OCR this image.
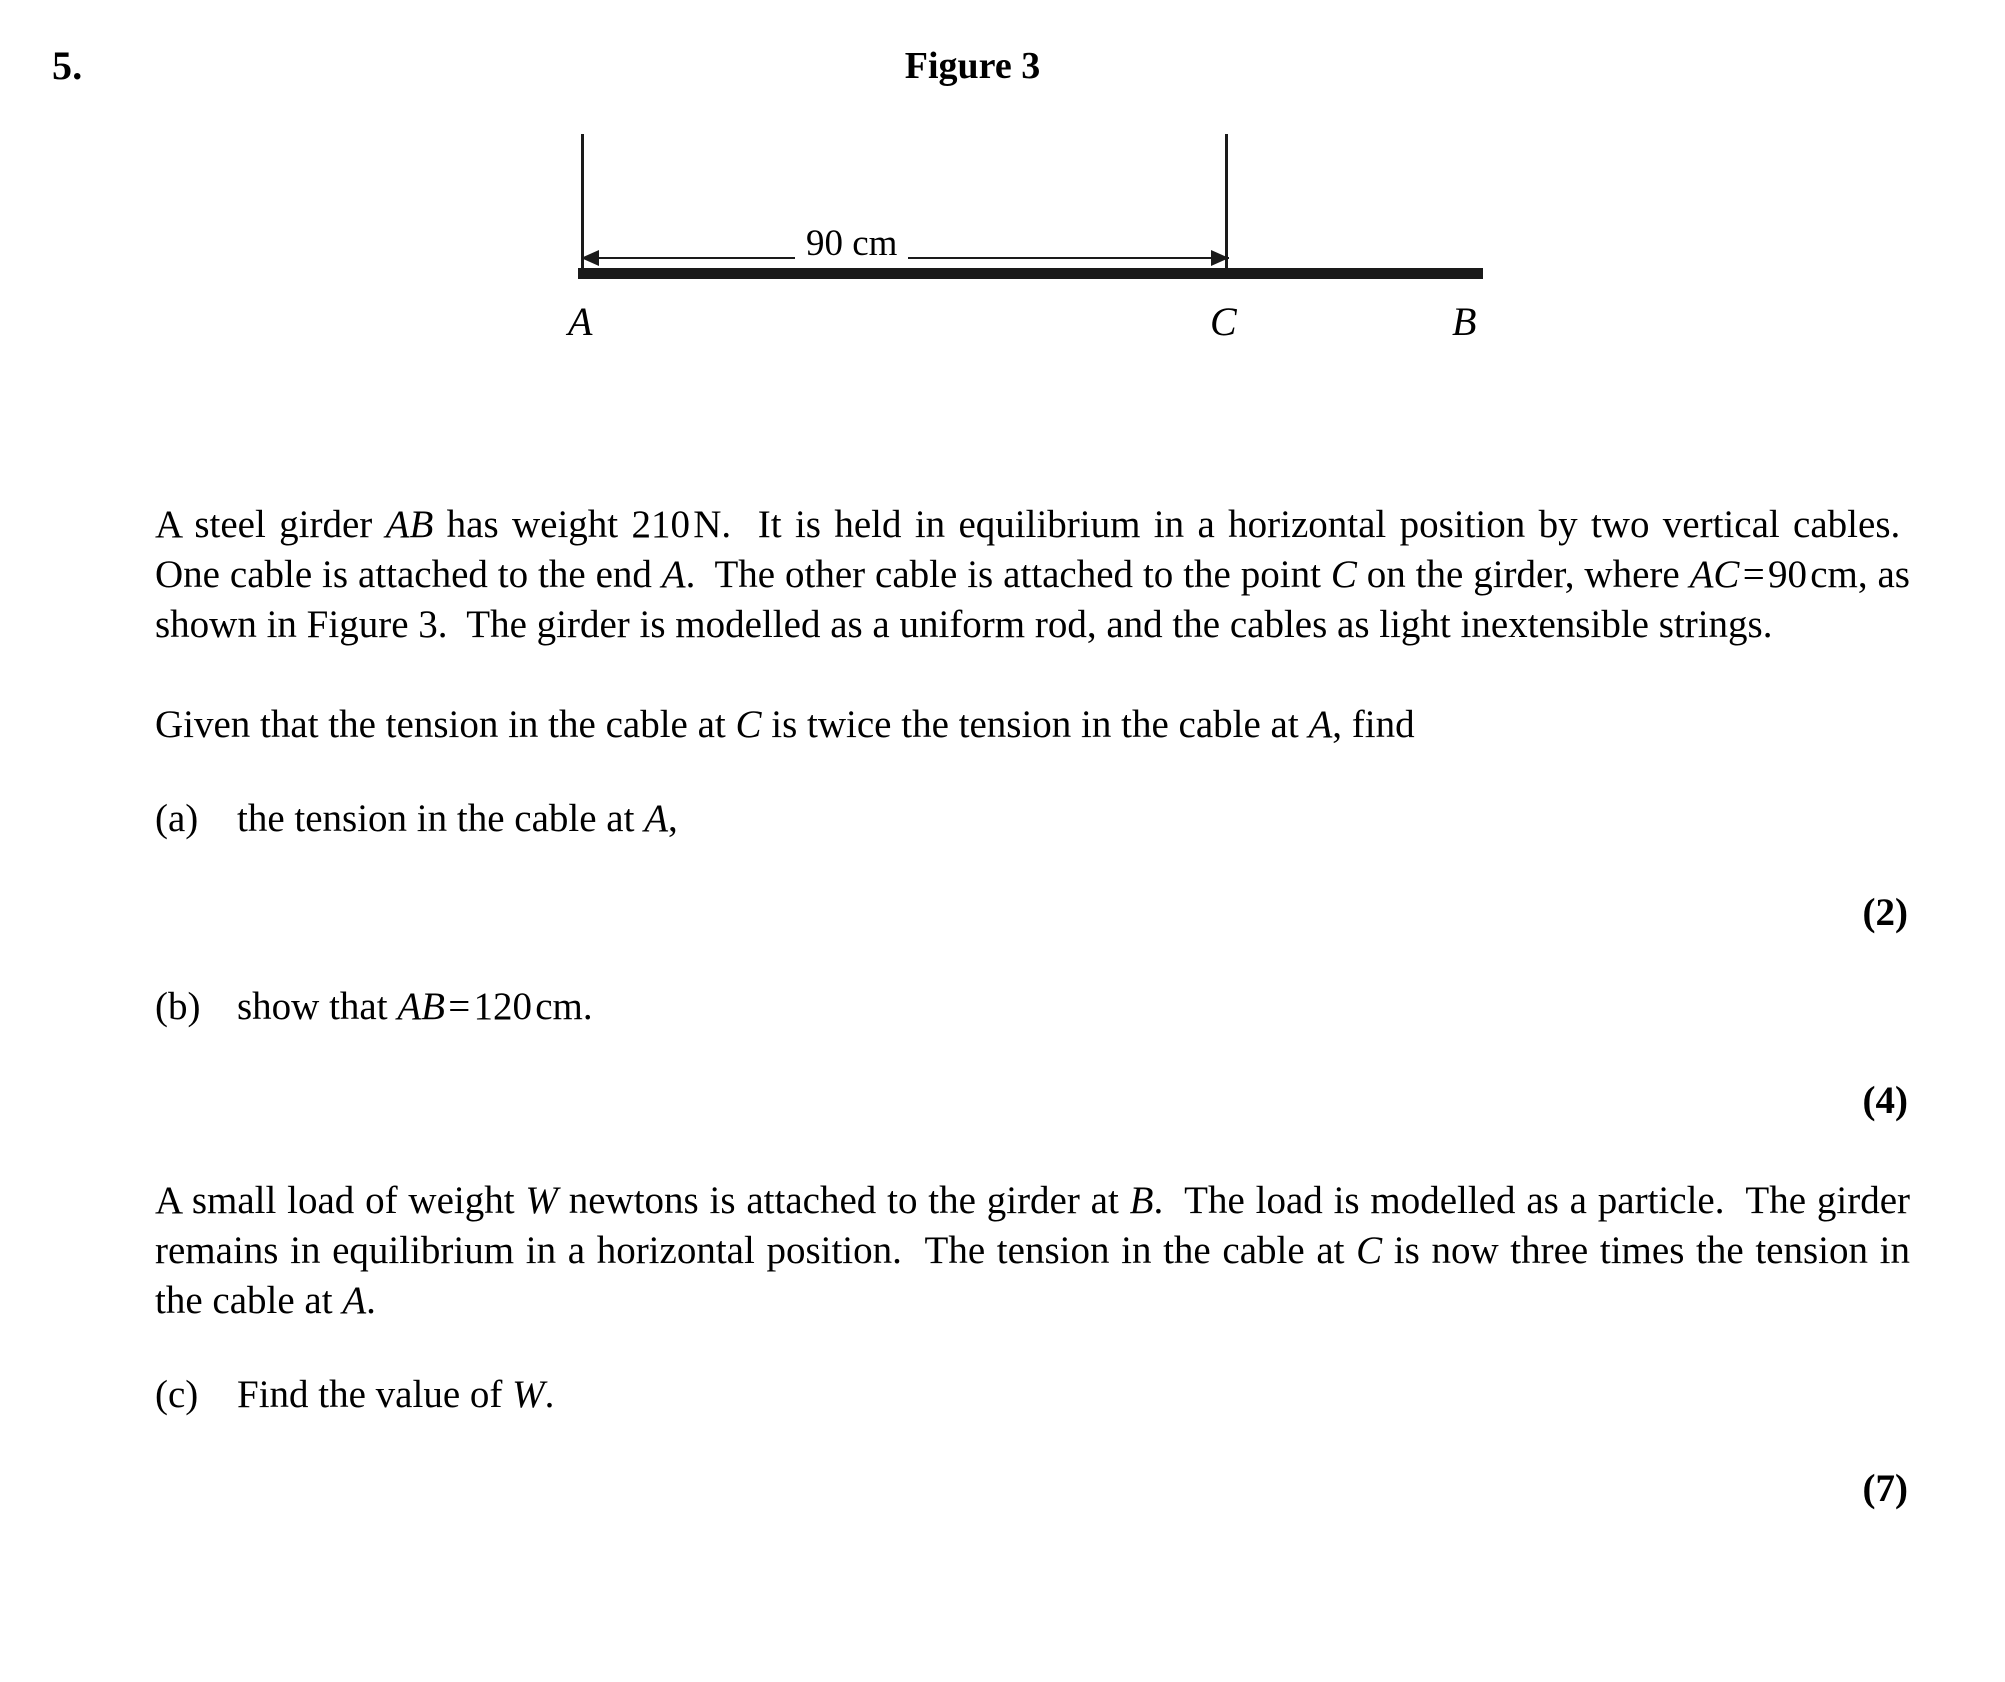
5.	Figure 3
90 cm
A	C	B

A steel girder AB has weight 210 N.  It is held in equilibrium in a horizontal position by two vertical cables.  One cable is attached to the end A.  The other cable is attached to the point C on the girder, where AC = 90 cm, as shown in Figure 3.  The girder is modelled as a uniform rod, and the cables as light inextensible strings.

Given that the tension in the cable at C is twice the tension in the cable at A, find

(a) the tension in the cable at A,
(2)
(b) show that AB = 120 cm.
(4)

A small load of weight W newtons is attached to the girder at B.  The load is modelled as a particle.  The girder remains in equilibrium in a horizontal position.  The tension in the cable at C is now three times the tension in the cable at A.

(c) Find the value of W.
(7)
